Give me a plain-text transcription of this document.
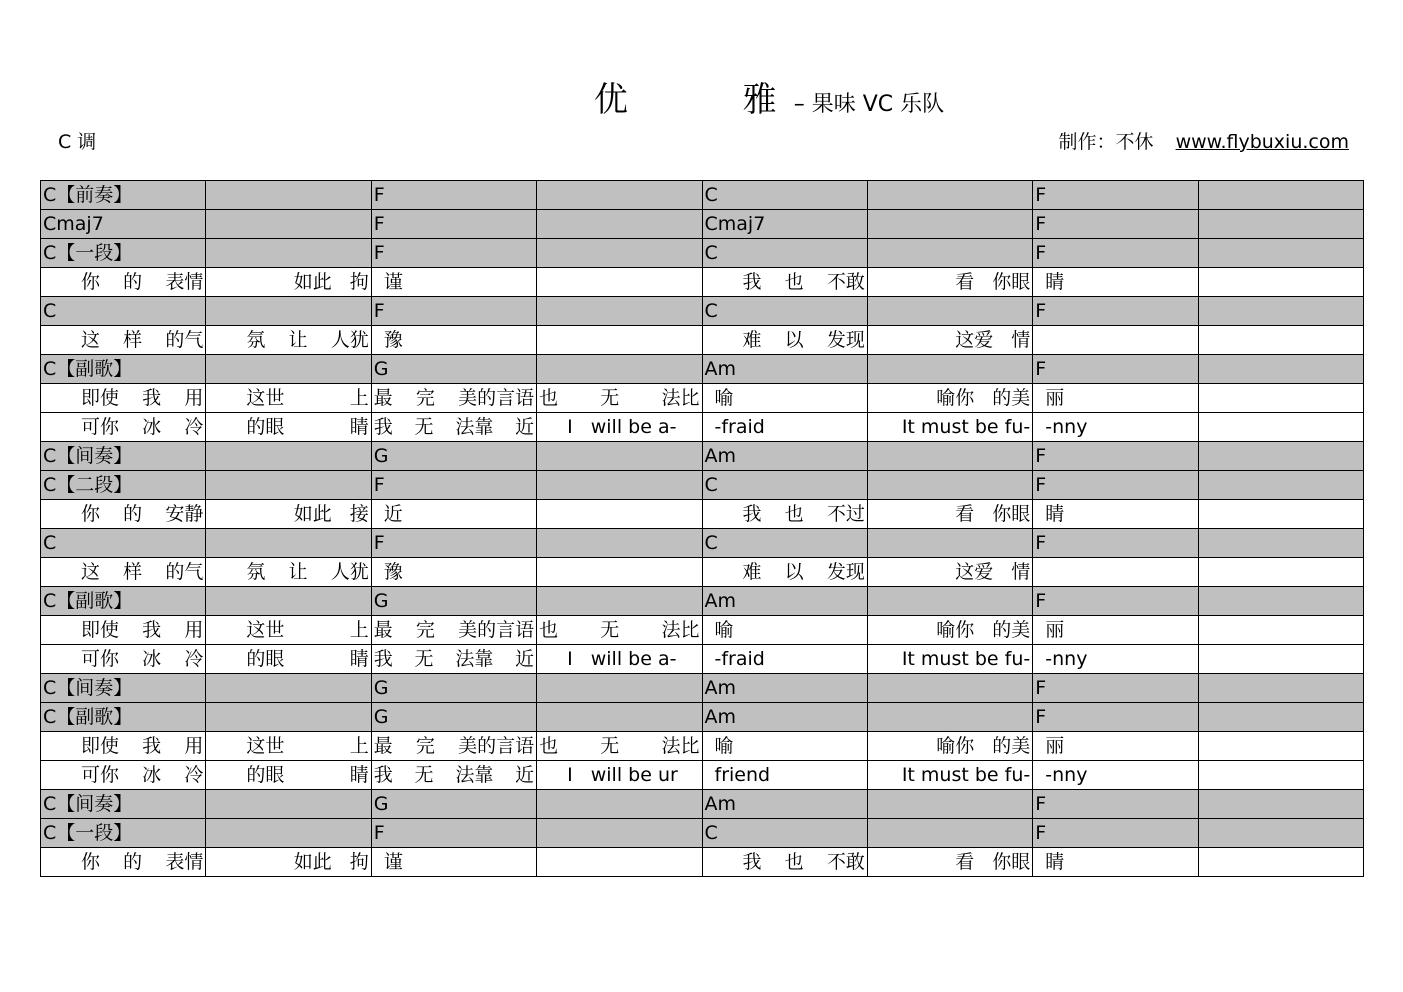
优 雅 – 果味 VC 乐队
C 调	制作：不休 www.flybuxiu.com
C【前奏】		F		C		F	
Cmaj7		F		Cmaj7		F	
C【一段】		F		C		F	

你 的 表情	如此 拘	谨		我 也 不敢	看 你眼	睛	

C		F		C		F	

这 样 的气	氛 让 人犹	豫		难 以 发现	这爱 情		

C【副歌】		G		Am		F	

即使 我 用	这世 上	最 完 美的言语	也 无 法比	喻	喻你 的美	丽	

可你 冰 冷	的眼 睛	我 无 法靠 近	I will be a-	-fraid	It must be fu-	-nny	

C【间奏】		G		Am		F	
C【二段】		F		C		F	

你 的 安静	如此 接	近		我 也 不过	看 你眼	睛	

C		F		C		F	

这 样 的气	氛 让 人犹	豫		难 以 发现	这爱 情		

C【副歌】		G		Am		F	

即使 我 用	这世 上	最 完 美的言语	也 无 法比	喻	喻你 的美	丽	

可你 冰 冷	的眼 睛	我 无 法靠 近	I will be a-	-fraid	It must be fu-	-nny	

C【间奏】		G		Am		F	
C【副歌】		G		Am		F	

即使 我 用	这世 上	最 完 美的言语	也 无 法比	喻	喻你 的美	丽	

可你 冰 冷	的眼 睛	我 无 法靠 近	I will be ur	friend	It must be fu-	-nny	

C【间奏】		G		Am		F	
C【一段】		F		C		F	

你 的 表情	如此 拘	谨		我 也 不敢	看 你眼	睛	
